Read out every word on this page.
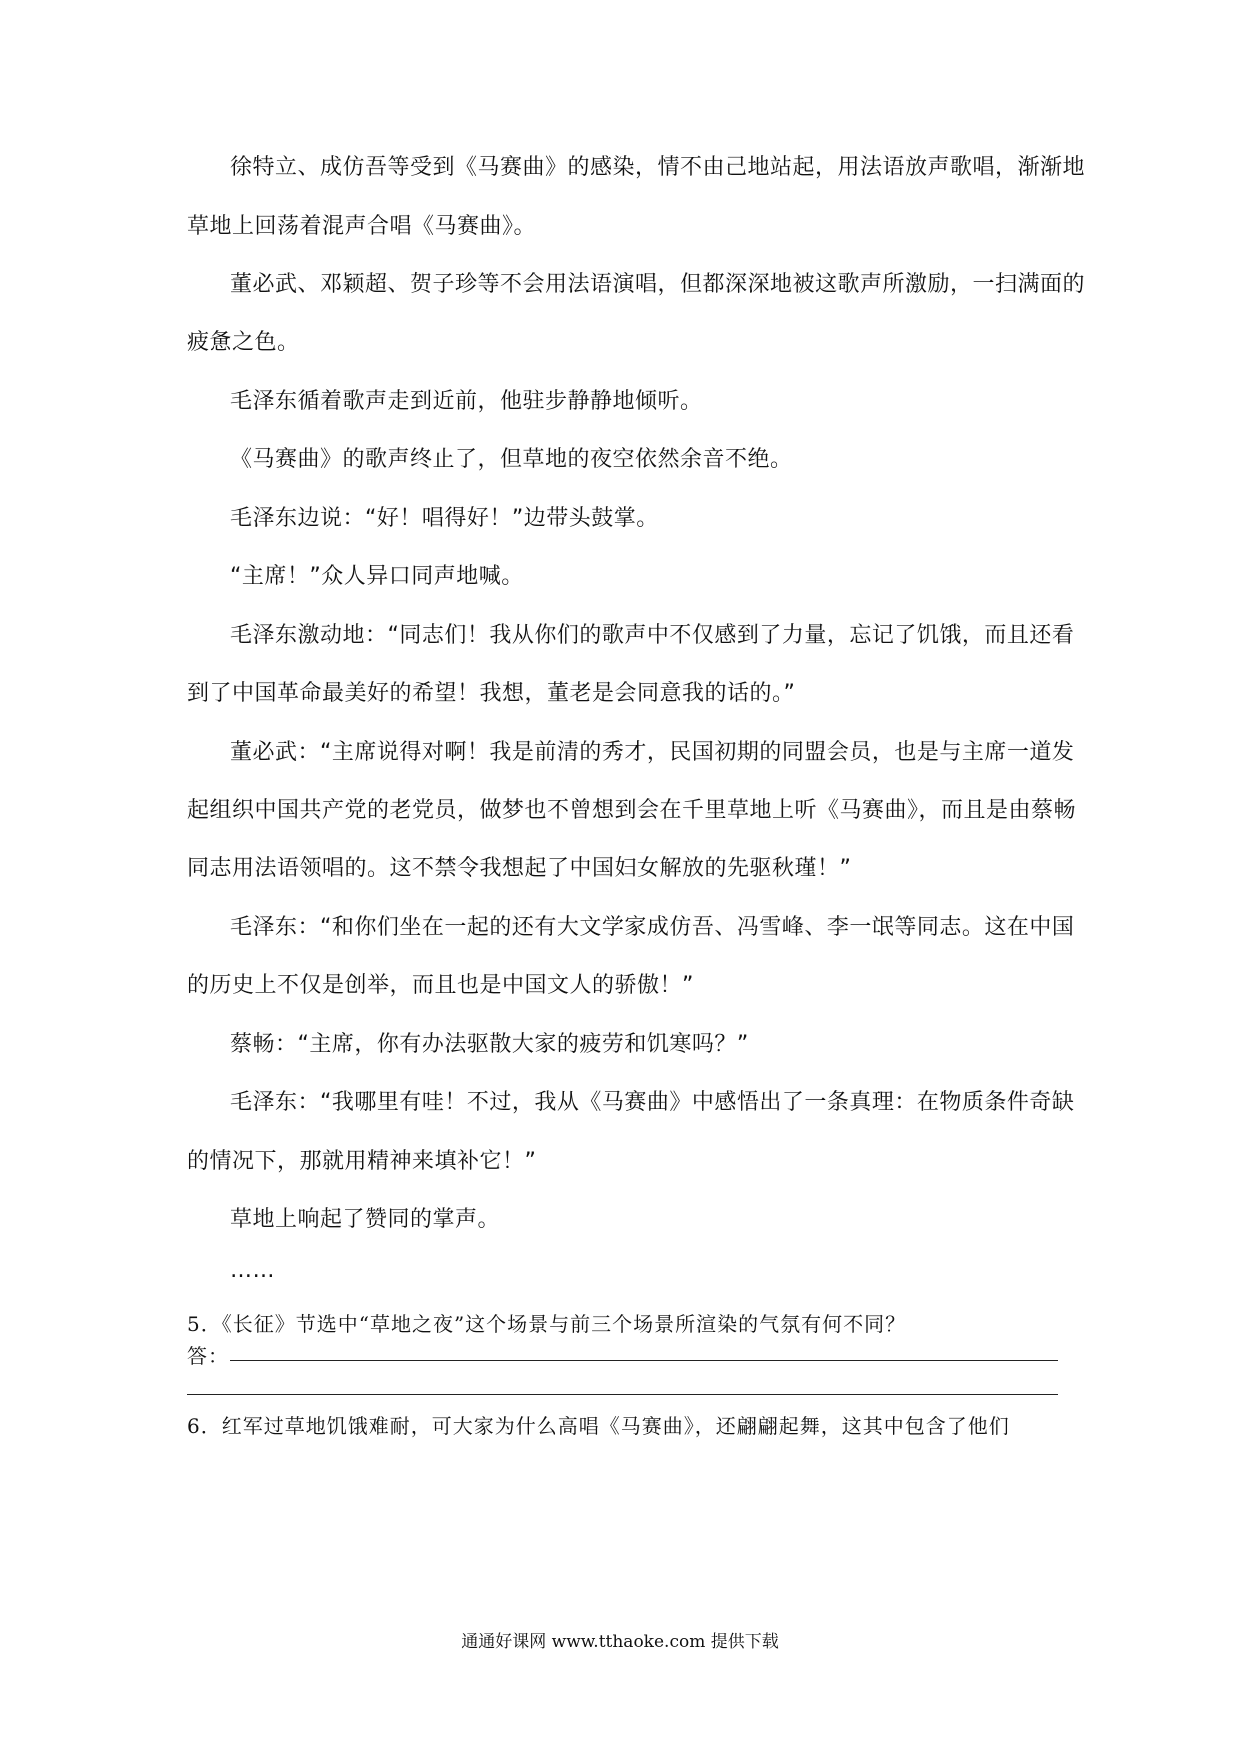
徐特立、成仿吾等受到《马赛曲》的感染，情不由己地站起，用法语放声歌唱，渐渐地

草地上回荡着混声合唱《马赛曲》。

董必武、邓颖超、贺子珍等不会用法语演唱，但都深深地被这歌声所激励，一扫满面的

疲惫之色。

毛泽东循着歌声走到近前，他驻步静静地倾听。

《马赛曲》的歌声终止了，但草地的夜空依然余音不绝。

毛泽东边说：“好！唱得好！”边带头鼓掌。

“主席！”众人异口同声地喊。

毛泽东激动地：“同志们！我从你们的歌声中不仅感到了力量，忘记了饥饿，而且还看

到了中国革命最美好的希望！我想，董老是会同意我的话的。”

董必武：“主席说得对啊！我是前清的秀才，民国初期的同盟会员，也是与主席一道发

起组织中国共产党的老党员，做梦也不曾想到会在千里草地上听《马赛曲》，而且是由蔡畅

同志用法语领唱的。这不禁令我想起了中国妇女解放的先驱秋瑾！”

毛泽东：“和你们坐在一起的还有大文学家成仿吾、冯雪峰、李一氓等同志。这在中国

的历史上不仅是创举，而且也是中国文人的骄傲！”

蔡畅：“主席，你有办法驱散大家的疲劳和饥寒吗？”

毛泽东：“我哪里有哇！不过，我从《马赛曲》中感悟出了一条真理：在物质条件奇缺

的情况下，那就用精神来填补它！”

草地上响起了赞同的掌声。

……

5．《长征》节选中“草地之夜”这个场景与前三个场景所渲染的气氛有何不同？
答：
6．红军过草地饥饿难耐，可大家为什么高唱《马赛曲》，还翩翩起舞，这其中包含了他们
通通好课网 www.tthaoke.com 提供下载
